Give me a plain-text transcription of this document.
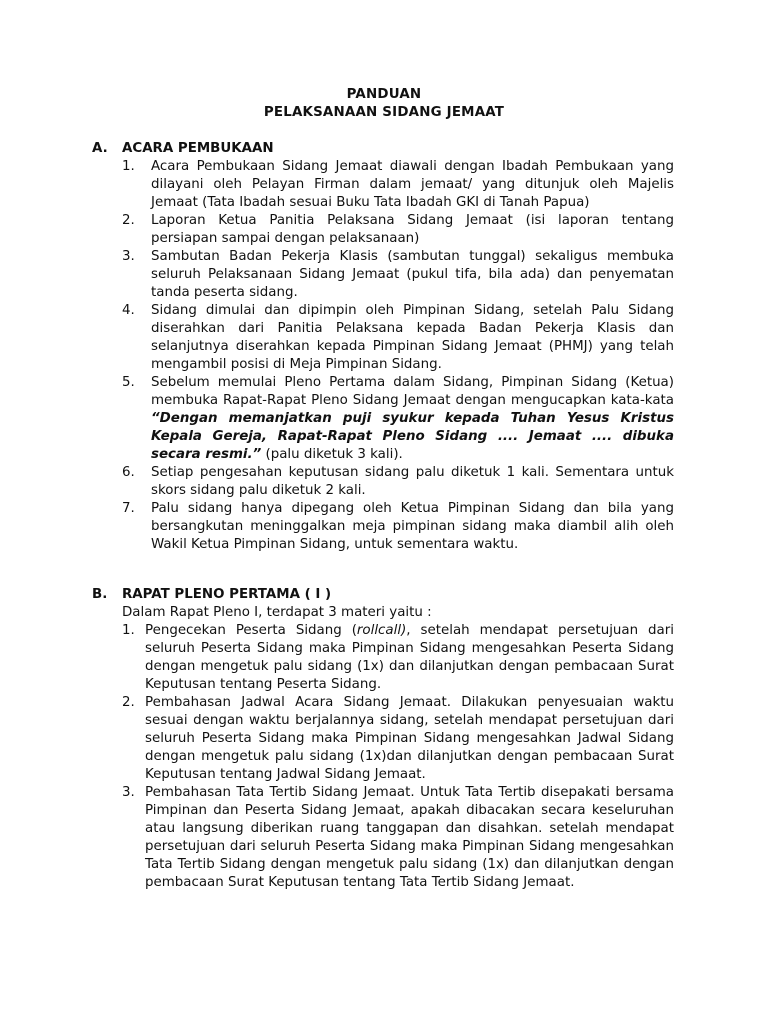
PANDUAN
PELAKSANAAN SIDANG JEMAAT
A. ACARA PEMBUKAAN
1. Acara Pembukaan Sidang Jemaat diawali dengan Ibadah Pembukaan yang dilayani oleh Pelayan Firman dalam jemaat/ yang ditunjuk oleh Majelis Jemaat (Tata Ibadah sesuai Buku Tata Ibadah GKI di Tanah Papua)
2. Laporan Ketua Panitia Pelaksana Sidang Jemaat (isi laporan tentang persiapan sampai dengan pelaksanaan)
3. Sambutan Badan Pekerja Klasis (sambutan tunggal) sekaligus membuka seluruh Pelaksanaan Sidang Jemaat (pukul tifa, bila ada) dan penyematan tanda peserta sidang.
4. Sidang dimulai dan dipimpin oleh Pimpinan Sidang, setelah Palu Sidang diserahkan dari Panitia Pelaksana kepada Badan Pekerja Klasis dan selanjutnya diserahkan kepada Pimpinan Sidang Jemaat (PHMJ) yang telah mengambil posisi di Meja Pimpinan Sidang.
5. Sebelum memulai Pleno Pertama dalam Sidang, Pimpinan Sidang (Ketua) membuka Rapat-Rapat Pleno Sidang Jemaat dengan mengucapkan kata-kata “Dengan memanjatkan puji syukur kepada Tuhan Yesus Kristus Kepala Gereja, Rapat-Rapat Pleno Sidang .... Jemaat .... dibuka secara resmi.” (palu diketuk 3 kali).
6. Setiap pengesahan keputusan sidang palu diketuk 1 kali. Sementara untuk skors sidang palu diketuk 2 kali.
7. Palu sidang hanya dipegang oleh Ketua Pimpinan Sidang dan bila yang bersangkutan meninggalkan meja pimpinan sidang maka diambil alih oleh Wakil Ketua Pimpinan Sidang, untuk sementara waktu.
B. RAPAT PLENO PERTAMA ( I )
Dalam Rapat Pleno I, terdapat 3 materi yaitu :
1. Pengecekan Peserta Sidang (rollcall), setelah mendapat persetujuan dari seluruh Peserta Sidang maka Pimpinan Sidang mengesahkan Peserta Sidang dengan mengetuk palu sidang (1x) dan dilanjutkan dengan pembacaan Surat Keputusan tentang Peserta Sidang.
2. Pembahasan Jadwal Acara Sidang Jemaat. Dilakukan penyesuaian waktu sesuai dengan waktu berjalannya sidang, setelah mendapat persetujuan dari seluruh Peserta Sidang maka Pimpinan Sidang mengesahkan Jadwal Sidang dengan mengetuk palu sidang (1x)dan dilanjutkan dengan pembacaan Surat Keputusan tentang Jadwal Sidang Jemaat.
3. Pembahasan Tata Tertib Sidang Jemaat. Untuk Tata Tertib disepakati bersama Pimpinan dan Peserta Sidang Jemaat, apakah dibacakan secara keseluruhan atau langsung diberikan ruang tanggapan dan disahkan. setelah mendapat persetujuan dari seluruh Peserta Sidang maka Pimpinan Sidang mengesahkan Tata Tertib Sidang dengan mengetuk palu sidang (1x) dan dilanjutkan dengan pembacaan Surat Keputusan tentang Tata Tertib Sidang Jemaat.
